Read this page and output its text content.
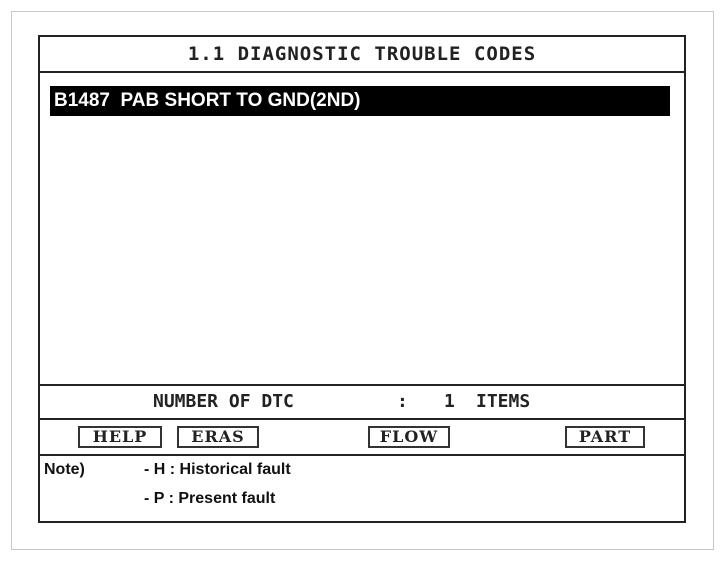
1.1 DIAGNOSTIC TROUBLE CODES
B1487  PAB SHORT TO GND(2ND)
NUMBER OF DTC	: 1 ITEMS
HELP	ERAS	FLOW	PART
Note)	- H : Historical fault
- P : Present fault
